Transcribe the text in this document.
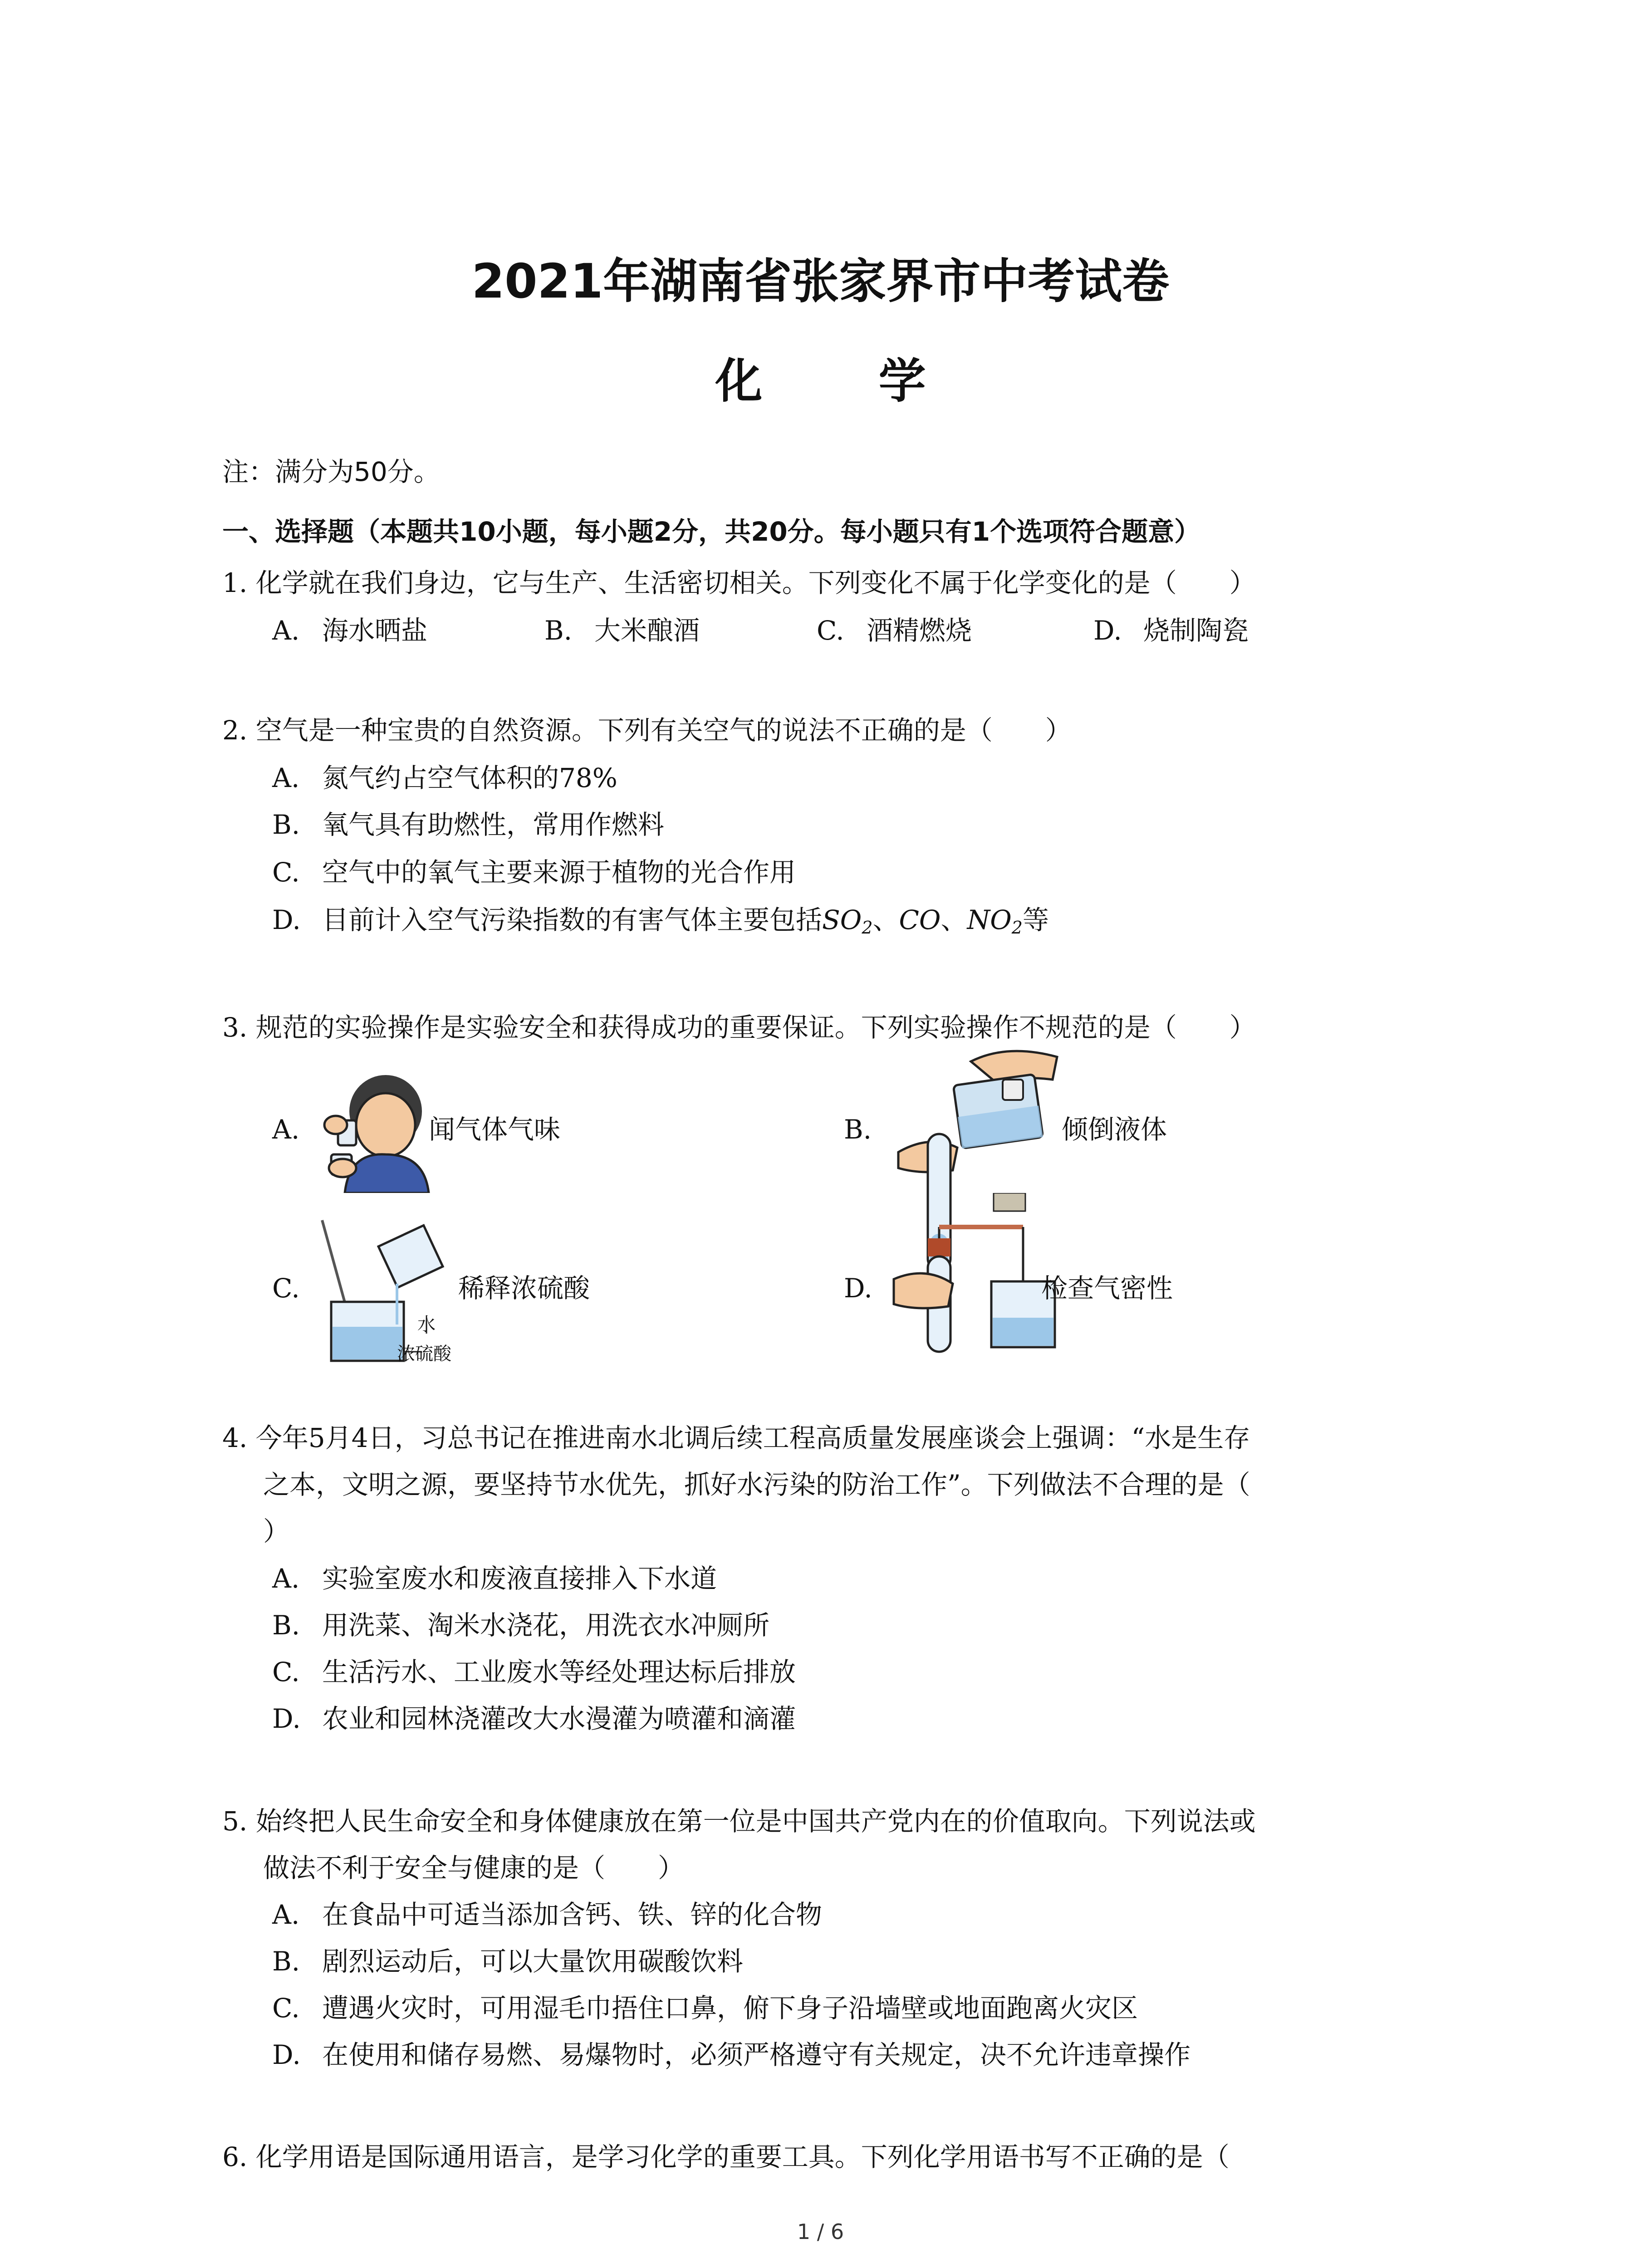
2021年湖南省张家界市中考试卷
化 学
注：满分为50分。
一、选择题（本题共10小题，每小题2分，共20分。每小题只有1个选项符合题意）
1. 化学就在我们身边，它与生产、生活密切相关。下列变化不属于化学变化的是（　　）
A. 海水晒盐	B. 大米酿酒	C. 酒精燃烧	D. 烧制陶瓷
2. 空气是一种宝贵的自然资源。下列有关空气的说法不正确的是（　　）
A. 氮气约占空气体积的78%
B. 氧气具有助燃性，常用作燃料
C. 空气中的氧气主要来源于植物的光合作用
D. 目前计入空气污染指数的有害气体主要包括$SO_2$、CO、$NO_2$等
3. 规范的实验操作是实验安全和获得成功的重要保证。下列实验操作不规范的是（　　）
A.	闻气体气味	B.	倾倒液体
C.
水
浓硫酸
稀释浓硫酸	D.	检查气密性
4. 今年5月4日，习总书记在推进南水北调后续工程高质量发展座谈会上强调：“水是生存
之本，文明之源，要坚持节水优先，抓好水污染的防治工作”。下列做法不合理的是（
）
A. 实验室废水和废液直接排入下水道
B. 用洗菜、淘米水浇花，用洗衣水冲厕所
C. 生活污水、工业废水等经处理达标后排放
D. 农业和园林浇灌改大水漫灌为喷灌和滴灌
5. 始终把人民生命安全和身体健康放在第一位是中国共产党内在的价值取向。下列说法或
做法不利于安全与健康的是（　　）
A. 在食品中可适当添加含钙、铁、锌的化合物
B. 剧烈运动后，可以大量饮用碳酸饮料
C. 遭遇火灾时，可用湿毛巾捂住口鼻，俯下身子沿墙壁或地面跑离火灾区
D. 在使用和储存易燃、易爆物时，必须严格遵守有关规定，决不允许违章操作
6. 化学用语是国际通用语言，是学习化学的重要工具。下列化学用语书写不正确的是（
1 / 6
